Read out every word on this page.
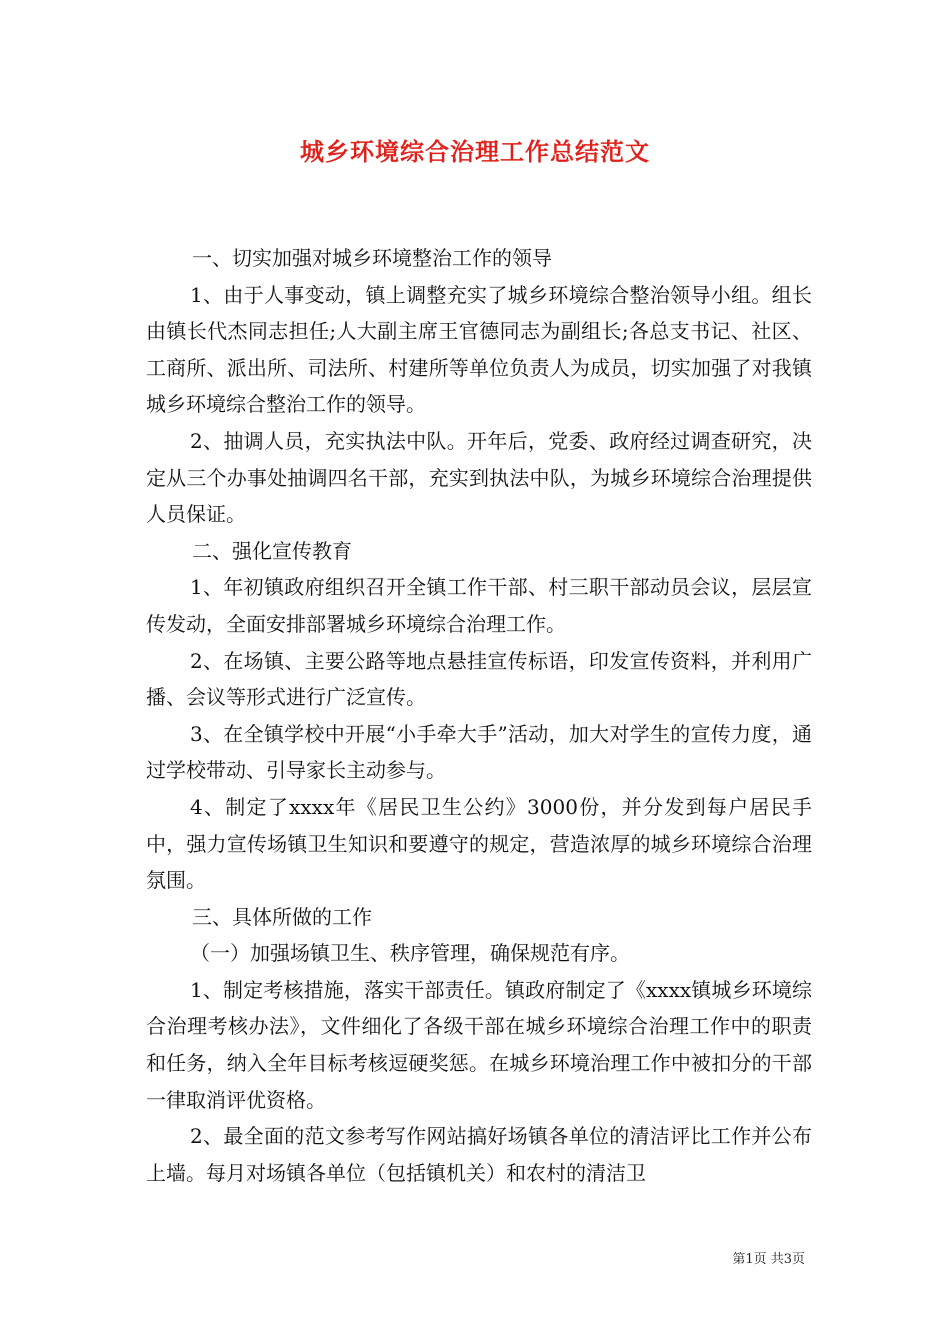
城乡环境综合治理工作总结范文

一、切实加强对城乡环境整治工作的领导

1、由于人事变动，镇上调整充实了城乡环境综合整治领导小组。组长由镇长代杰同志担任;人大副主席王官德同志为副组长;各总支书记、社区、工商所、派出所、司法所、村建所等单位负责人为成员，切实加强了对我镇城乡环境综合整治工作的领导。

2、抽调人员，充实执法中队。开年后，党委、政府经过调查研究，决定从三个办事处抽调四名干部，充实到执法中队，为城乡环境综合治理提供人员保证。

二、强化宣传教育

1、年初镇政府组织召开全镇工作干部、村三职干部动员会议，层层宣传发动，全面安排部署城乡环境综合治理工作。

2、在场镇、主要公路等地点悬挂宣传标语，印发宣传资料，并利用广播、会议等形式进行广泛宣传。

3、在全镇学校中开展“小手牵大手”活动，加大对学生的宣传力度，通过学校带动、引导家长主动参与。

4、制定了xxxx年《居民卫生公约》3000份，并分发到每户居民手中，强力宣传场镇卫生知识和要遵守的规定，营造浓厚的城乡环境综合治理氛围。

三、具体所做的工作

（一）加强场镇卫生、秩序管理，确保规范有序。

1、制定考核措施，落实干部责任。镇政府制定了《xxxx镇城乡环境综合治理考核办法》，文件细化了各级干部在城乡环境综合治理工作中的职责和任务，纳入全年目标考核逗硬奖惩。在城乡环境治理工作中被扣分的干部一律取消评优资格。

2、最全面的范文参考写作网站搞好场镇各单位的清洁评比工作并公布上墙。每月对场镇各单位（包括镇机关）和农村的清洁卫

第1页 共3页
